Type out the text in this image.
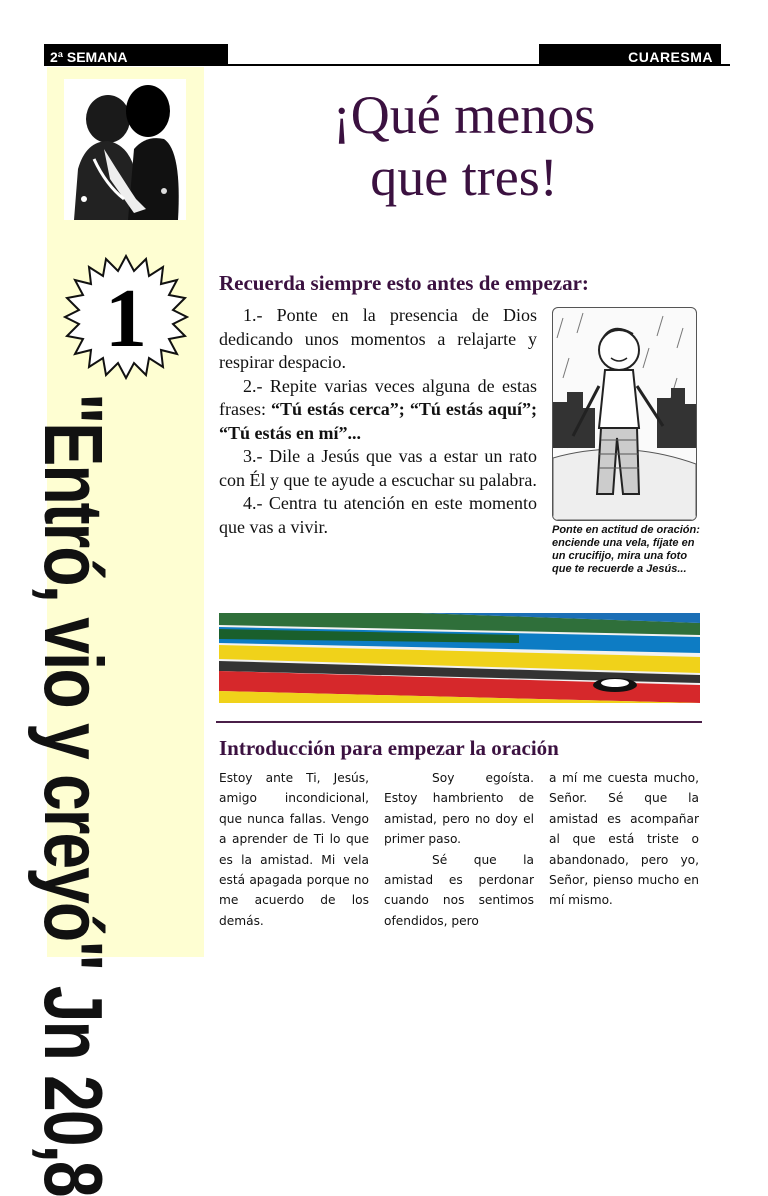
2ª SEMANA	CUARESMA
1
"Entró, vio y creyó" Jn 20,8
¡Qué menos
que tres!
Recuerda siempre esto antes de empezar:

1.- Ponte en la presencia de Dios dedicando unos momentos a relajarte y respirar despacio.

2.- Repite varias veces alguna de estas frases: “Tú estás cerca”; “Tú estás aquí”; “Tú estás en mí”...

3.- Dile a Jesús que vas a estar un rato con Él y que te ayude a escuchar su palabra.

4.- Centra tu atención en este momento que vas a vivir.	Ponte en actitud de oración: enciende una vela, fíjate en un crucifijo, mira una foto que te recuerde a Jesús...
Introducción para empezar la oración

Estoy ante Ti, Jesús, amigo incondicional, que nunca fallas. Vengo a aprender de Ti lo que es la amistad. Mi vela está apagada porque no me acuerdo de los demás.

Soy egoísta. Estoy hambriento de amistad, pero no doy el primer paso.

Sé que la amistad es perdonar cuando nos sentimos ofendidos, pero

a mí me cuesta mucho, Señor. Sé que la amistad es acompañar al que está triste o abandonado, pero yo, Señor, pienso mucho en mí mismo.
